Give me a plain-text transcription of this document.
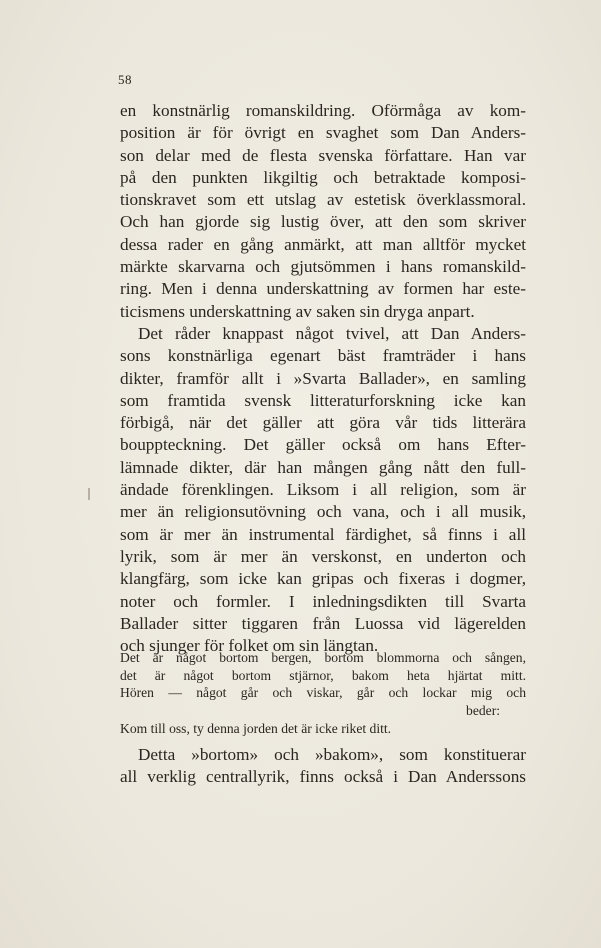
58
en konstnärlig romanskildring. Oförmåga av kom-
position är för övrigt en svaghet som Dan Anders-
son delar med de flesta svenska författare. Han var
på den punkten likgiltig och betraktade komposi-
tionskravet som ett utslag av estetisk överklassmoral.
Och han gjorde sig lustig över, att den som skriver
dessa rader en gång anmärkt, att man alltför mycket
märkte skarvarna och gjutsömmen i hans romanskild-
ring. Men i denna underskattning av formen har este-
ticismens underskattning av saken sin dryga anpart.
Det råder knappast något tvivel, att Dan Anders-
sons konstnärliga egenart bäst framträder i hans
dikter, framför allt i »Svarta Ballader», en samling
som framtida svensk litteraturforskning icke kan
förbigå, när det gäller att göra vår tids litterära
bouppteckning. Det gäller också om hans Efter-
lämnade dikter, där han mången gång nått den full-
ändade förenklingen. Liksom i all religion, som är
mer än religionsutövning och vana, och i all musik,
som är mer än instrumental färdighet, så finns i all
lyrik, som är mer än verskonst, en underton och
klangfärg, som icke kan gripas och fixeras i dogmer,
noter och formler. I inledningsdikten till Svarta
Ballader sitter tiggaren från Luossa vid lägerelden
och sjunger för folket om sin längtan.
Det är något bortom bergen, bortom blommorna och sången,
det är något bortom stjärnor, bakom heta hjärtat mitt.
Hören — något går och viskar, går och lockar mig och
beder:
Kom till oss, ty denna jorden det är icke riket ditt.
Detta »bortom» och »bakom», som konstituerar
all verklig centrallyrik, finns också i Dan Anderssons
